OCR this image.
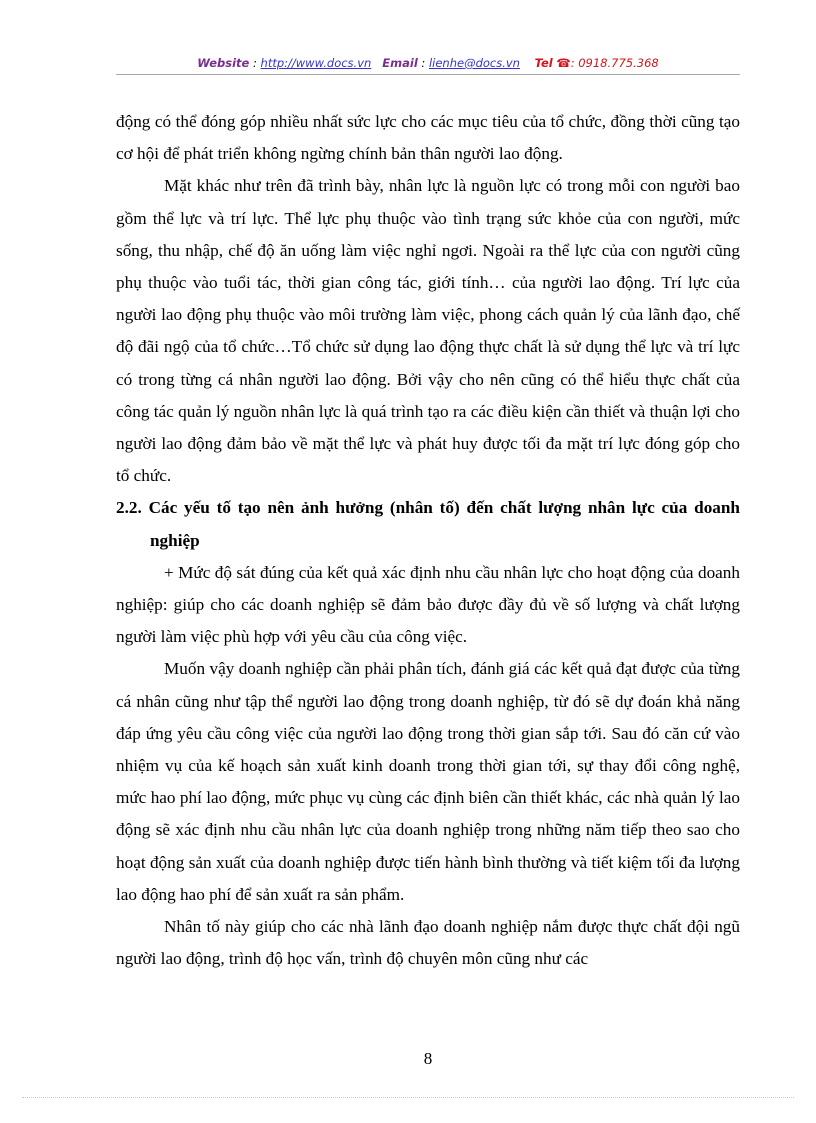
Website : http://www.docs.vn Email : lienhe@docs.vn Tel ☎: 0918.775.368

động có thể đóng góp nhiều nhất sức lực cho các mục tiêu của tổ chức, đồng thời cũng tạo cơ hội để phát triển không ngừng chính bản thân người lao động.

Mặt khác như trên đã trình bày, nhân lực là nguồn lực có trong mỗi con người bao gồm thể lực và trí lực. Thể lực phụ thuộc vào tình trạng sức khỏe của con người, mức sống, thu nhập, chế độ ăn uống làm việc nghỉ ngơi. Ngoài ra thể lực của con người cũng phụ thuộc vào tuổi tác, thời gian công tác, giới tính… của người lao động. Trí lực của người lao động phụ thuộc vào môi trường làm việc, phong cách quản lý của lãnh đạo, chế độ đãi ngộ của tổ chức…Tổ chức sử dụng lao động thực chất là sử dụng thể lực và trí lực có trong từng cá nhân người lao động. Bởi vậy cho nên cũng có thể hiểu thực chất của công tác quản lý nguồn nhân lực là quá trình tạo ra các điều kiện cần thiết và thuận lợi cho người lao động đảm bảo về mặt thể lực và phát huy được tối đa mặt trí lực đóng góp cho tổ chức.

2.2. Các yếu tố tạo nên ảnh hưởng (nhân tố) đến chất lượng nhân lực của doanh nghiệp

+ Mức độ sát đúng của kết quả xác định nhu cầu nhân lực cho hoạt động của doanh nghiệp: giúp cho các doanh nghiệp sẽ đảm bảo được đầy đủ về số lượng và chất lượng người làm việc phù hợp với yêu cầu của công việc.

Muốn vậy doanh nghiệp cần phải phân tích, đánh giá các kết quả đạt được của từng cá nhân cũng như tập thể người lao động trong doanh nghiệp, từ đó sẽ dự đoán khả năng đáp ứng yêu cầu công việc của người lao động trong thời gian sắp tới. Sau đó căn cứ vào nhiệm vụ của kế hoạch sản xuất kinh doanh trong thời gian tới, sự thay đổi công nghệ, mức hao phí lao động, mức phục vụ cùng các định biên cần thiết khác, các nhà quản lý lao động sẽ xác định nhu cầu nhân lực của doanh nghiệp trong những năm tiếp theo sao cho hoạt động sản xuất của doanh nghiệp được tiến hành bình thường và tiết kiệm tối đa lượng lao động hao phí để sản xuất ra sản phẩm.

Nhân tố này giúp cho các nhà lãnh đạo doanh nghiệp nắm được thực chất đội ngũ người lao động, trình độ học vấn, trình độ chuyên môn cũng như các

8
